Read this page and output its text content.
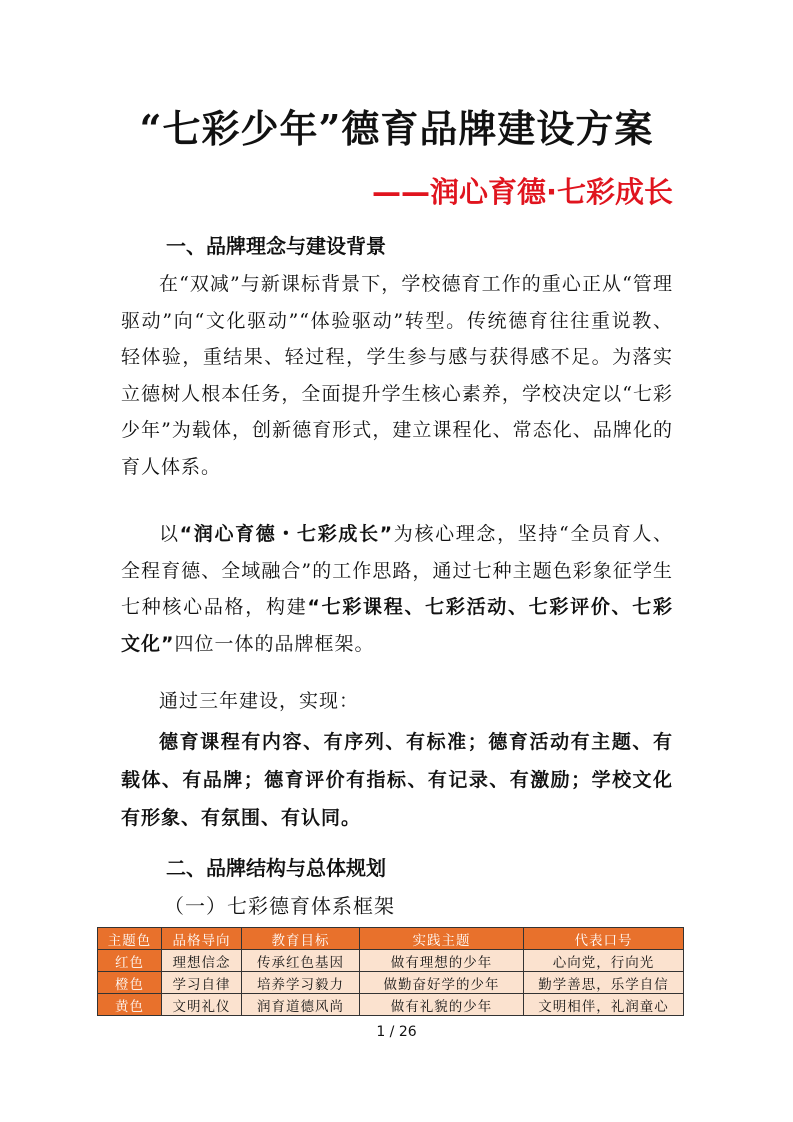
“七彩少年”德育品牌建设方案
——润心育德·七彩成长
一、品牌理念与建设背景

在“双减”与新课标背景下，学校德育工作的重心正从“管理驱动”向“文化驱动”“体验驱动”转型。传统德育往往重说教、轻体验，重结果、轻过程，学生参与感与获得感不足。为落实立德树人根本任务，全面提升学生核心素养，学校决定以“七彩少年”为载体，创新德育形式，建立课程化、常态化、品牌化的育人体系。

以“润心育德・七彩成长”为核心理念，坚持“全员育人、全程育德、全域融合”的工作思路，通过七种主题色彩象征学生七种核心品格，构建“七彩课程、七彩活动、七彩评价、七彩文化”四位一体的品牌框架。

通过三年建设，实现：

德育课程有内容、有序列、有标准；德育活动有主题、有载体、有品牌；德育评价有指标、有记录、有激励；学校文化有形象、有氛围、有认同。

二、品牌结构与总体规划

（一）七彩德育体系框架

主题色	品格导向	教育目标	实践主题	代表口号
红色	理想信念	传承红色基因	做有理想的少年	心向党，行向光
橙色	学习自律	培养学习毅力	做勤奋好学的少年	勤学善思，乐学自信
黄色	文明礼仪	润育道德风尚	做有礼貌的少年	文明相伴，礼润童心
1 / 26
